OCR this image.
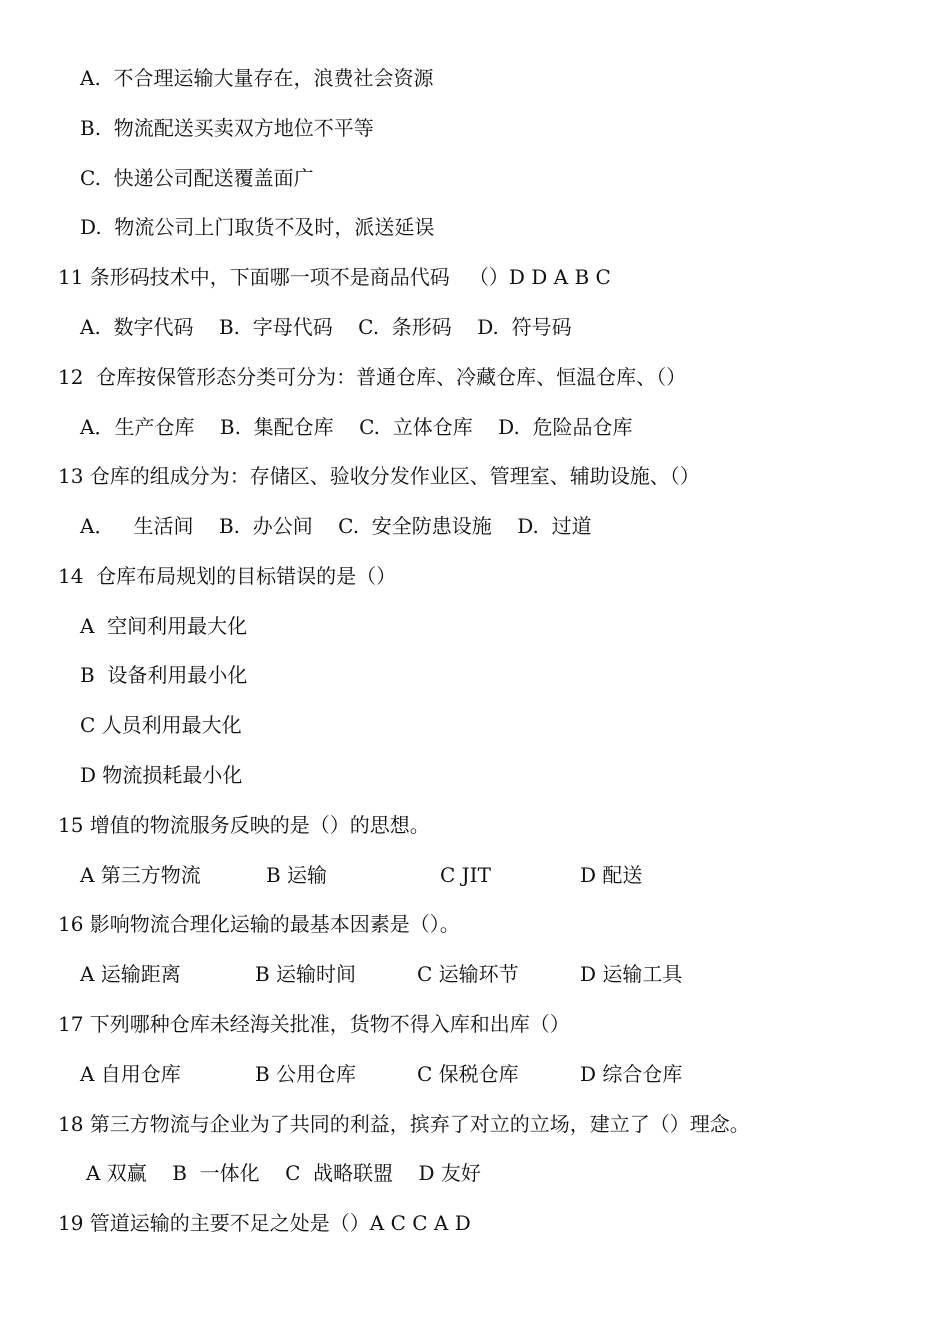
A.  不合理运输大量存在，浪费社会资源
B.  物流配送买卖双方地位不平等
C.  快递公司配送覆盖面广
D.  物流公司上门取货不及时，派送延误
11 条形码技术中，下面哪一项不是商品代码   （）D D A B C
A.  数字代码    B.  字母代码    C.  条形码    D.  符号码
12  仓库按保管形态分类可分为：普通仓库、冷藏仓库、恒温仓库、（）
A．生产仓库    B.  集配仓库    C.  立体仓库    D.  危险品仓库
13 仓库的组成分为：存储区、验收分发作业区、管理室、辅助设施、（）
A．   生活间    B.  办公间    C.  安全防患设施    D.  过道
14  仓库布局规划的目标错误的是（）
A  空间利用最大化
B  设备利用最小化
C 人员利用最大化
D 物流损耗最小化
15 增值的物流服务反映的是（）的思想。

A 第三方物流

	B 运输

	C JIT

	D 配送

16 影响物流合理化运输的最基本因素是（）。

A 运输距离

	B 运输时间

	C 运输环节

	D 运输工具

17 下列哪种仓库未经海关批准，货物不得入库和出库（）

A 自用仓库

	B 公用仓库

	C 保税仓库

	D 综合仓库

18 第三方物流与企业为了共同的利益，摈弃了对立的立场，建立了（）理念。
A 双赢    B  一体化    C  战略联盟    D 友好
19 管道运输的主要不足之处是（）A C C A D
